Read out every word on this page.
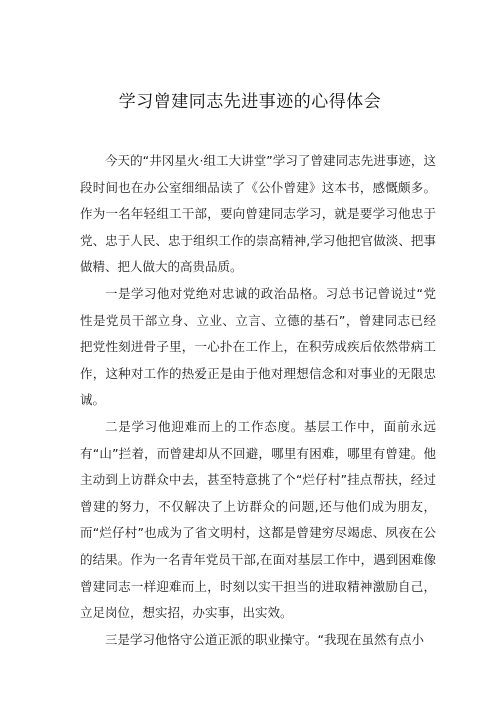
学习曾建同志先进事迹的心得体会

今天的“井冈星火·组工大讲堂”学习了曾建同志先进事迹，这段时间也在办公室细细品读了《公仆曾建》这本书，感慨颇多。作为一名年轻组工干部，要向曾建同志学习，就是要学习他忠于党、忠于人民、忠于组织工作的崇高精神,学习他把官做淡、把事做精、把人做大的高贵品质。

一是学习他对党绝对忠诚的政治品格。习总书记曾说过“党性是党员干部立身、立业、立言、立德的基石”，曾建同志已经把党性刻进骨子里，一心扑在工作上，在积劳成疾后依然带病工作，这种对工作的热爱正是由于他对理想信念和对事业的无限忠诚。

二是学习他迎难而上的工作态度。基层工作中，面前永远有“山”拦着，而曾建却从不回避，哪里有困难，哪里有曾建。他主动到上访群众中去，甚至特意挑了个“烂仔村”挂点帮扶，经过曾建的努力，不仅解决了上访群众的问题,还与他们成为朋友，而“烂仔村”也成为了省文明村，这都是曾建穷尽竭虑、夙夜在公的结果。作为一名青年党员干部,在面对基层工作中，遇到困难像曾建同志一样迎难而上，时刻以实干担当的进取精神激励自己，立足岗位，想实招，办实事，出实效。

三是学习他恪守公道正派的职业操守。“我现在虽然有点小
